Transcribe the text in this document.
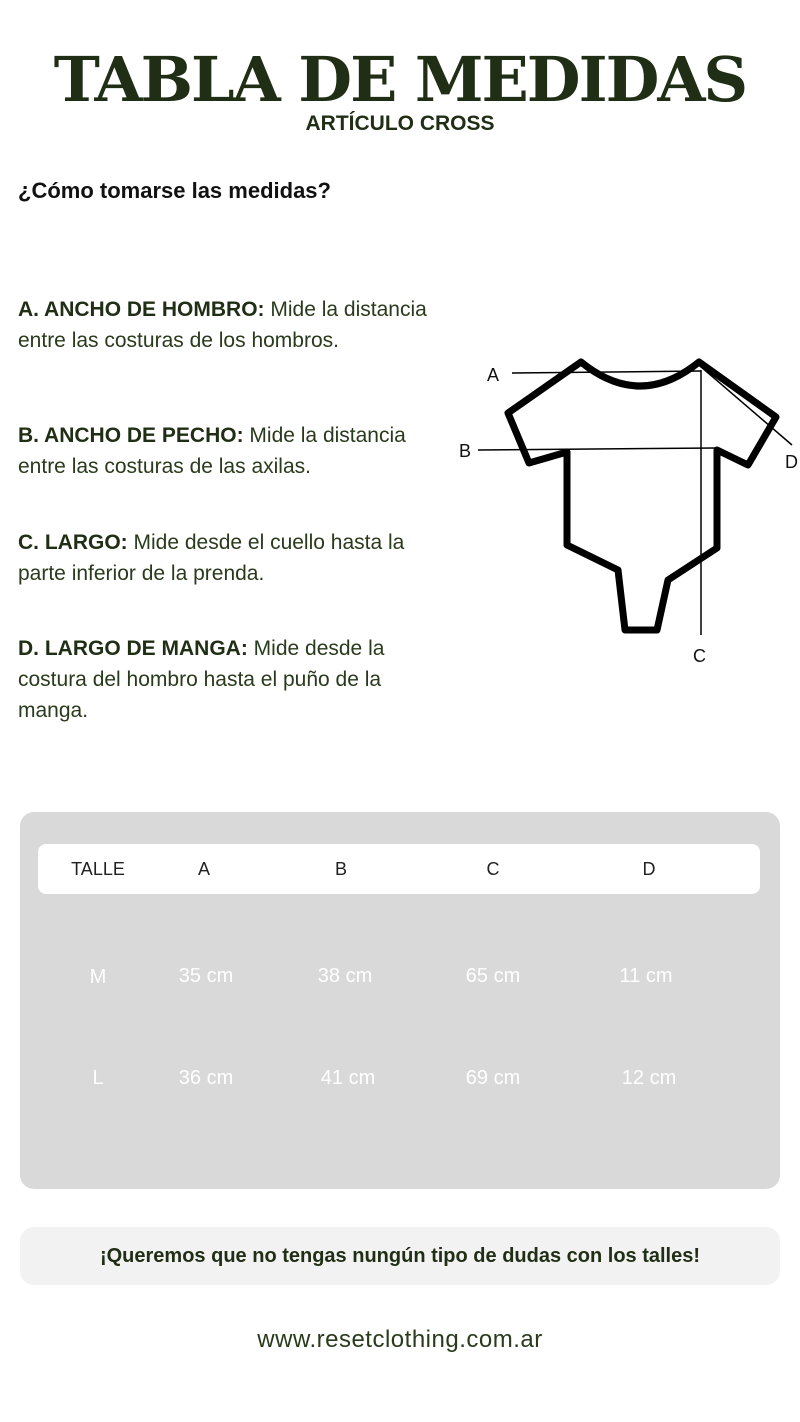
TABLA DE MEDIDAS
ARTÍCULO CROSS
¿Cómo tomarse las medidas?
A. ANCHO DE HOMBRO: Mide la distancia entre las costuras de los hombros.
B. ANCHO DE PECHO: Mide la distancia entre las costuras de las axilas.
C. LARGO: Mide desde el cuello hasta la parte inferior de la prenda.
D. LARGO DE MANGA: Mide desde la costura del hombro hasta el puño de la manga.
A
B
C
D
TALLE	A	B	C	D
M	35 cm	38 cm	65 cm	11 cm
L	36 cm	41 cm	69 cm	12 cm
¡Queremos que no tengas nungún tipo de dudas con los talles!
www.resetclothing.com.ar
